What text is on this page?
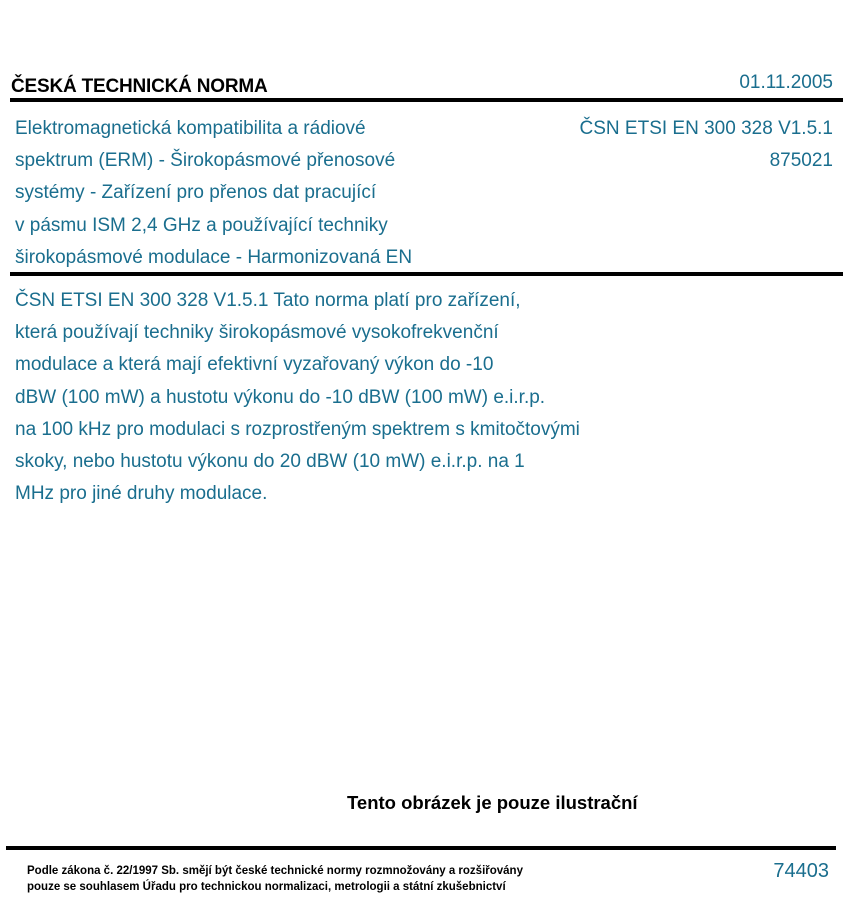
ČESKÁ TECHNICKÁ NORMA	01.11.2005
Elektromagnetická kompatibilita a rádiové
spektrum (ERM) - Širokopásmové přenosové
systémy - Zařízení pro přenos dat pracující
v pásmu ISM 2,4 GHz a používající techniky
širokopásmové modulace - Harmonizovaná EN
ČSN ETSI EN 300 328 V1.5.1
875021
ČSN ETSI EN 300 328 V1.5.1 Tato norma platí pro zařízení,
která používají techniky širokopásmové vysokofrekvenční
modulace a která mají efektivní vyzařovaný výkon do -10
dBW (100 mW) a hustotu výkonu do -10 dBW (100 mW) e.i.r.p.
na 100 kHz pro modulaci s rozprostřeným spektrem s kmitočtovými
skoky, nebo hustotu výkonu do 20 dBW (10 mW) e.i.r.p. na 1
MHz pro jiné druhy modulace.
Tento obrázek je pouze ilustrační
Podle zákona č. 22/1997 Sb. smějí být české technické normy rozmnožovány a rozšiřovány
pouze se souhlasem Úřadu pro technickou normalizaci, metrologii a státní zkušebnictví
74403
